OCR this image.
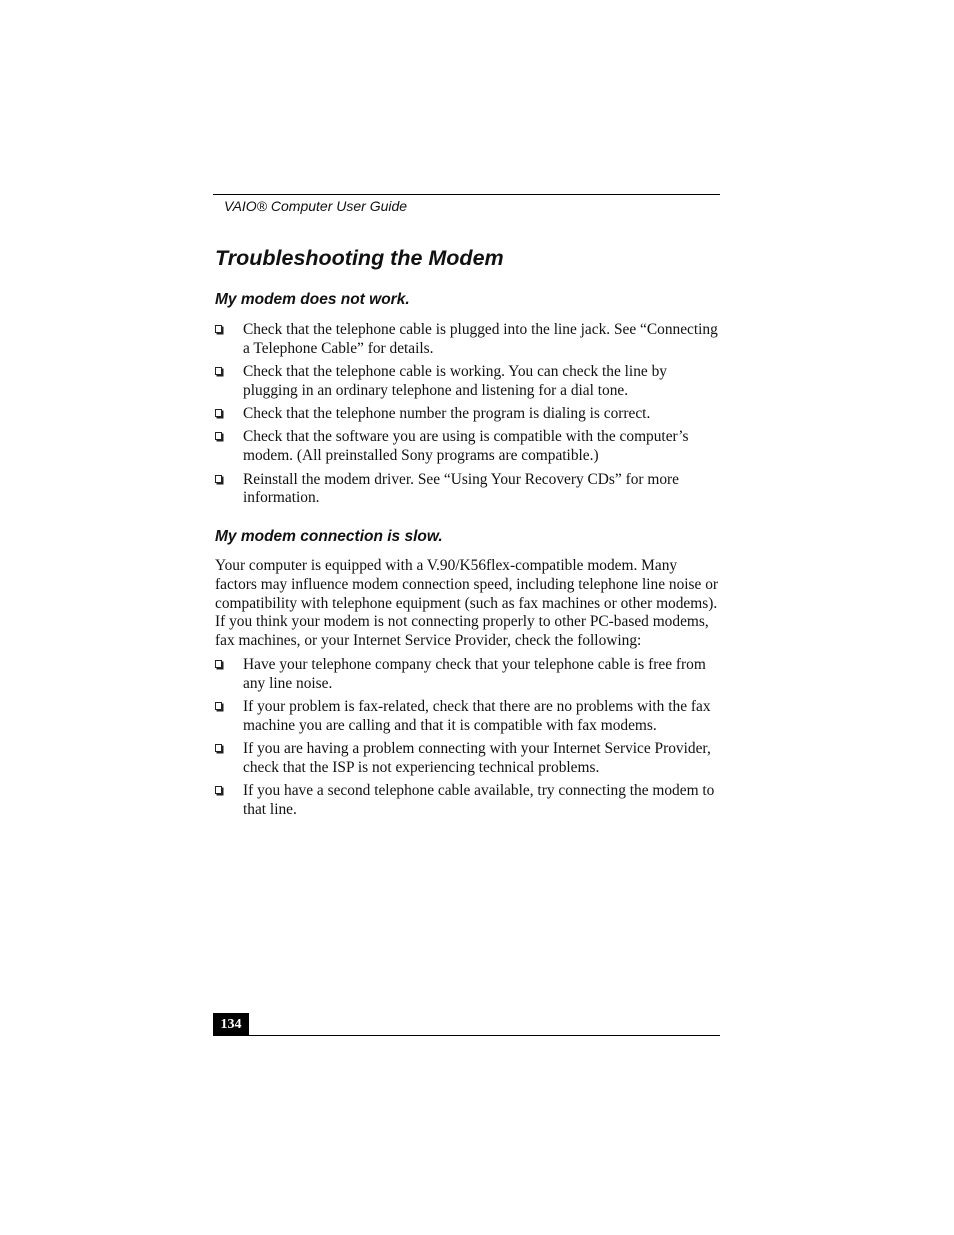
VAIO® Computer User Guide
Troubleshooting the Modem
My modem does not work.
Check that the telephone cable is plugged into the line jack. See “Connecting a Telephone Cable” for details.
Check that the telephone cable is working. You can check the line by plugging in an ordinary telephone and listening for a dial tone.
Check that the telephone number the program is dialing is correct.
Check that the software you are using is compatible with the computer’s modem. (All preinstalled Sony programs are compatible.)
Reinstall the modem driver. See “Using Your Recovery CDs” for more information.
My modem connection is slow.

Your computer is equipped with a V.90/K56flex-compatible modem. Many factors may influence modem connection speed, including telephone line noise or compatibility with telephone equipment (such as fax machines or other modems). If you think your modem is not connecting properly to other PC-based modems, fax machines, or your Internet Service Provider, check the following:

Have your telephone company check that your telephone cable is free from any line noise.
If your problem is fax-related, check that there are no problems with the fax machine you are calling and that it is compatible with fax modems.
If you are having a problem connecting with your Internet Service Provider, check that the ISP is not experiencing technical problems.
If you have a second telephone cable available, try connecting the modem to that line.
134
